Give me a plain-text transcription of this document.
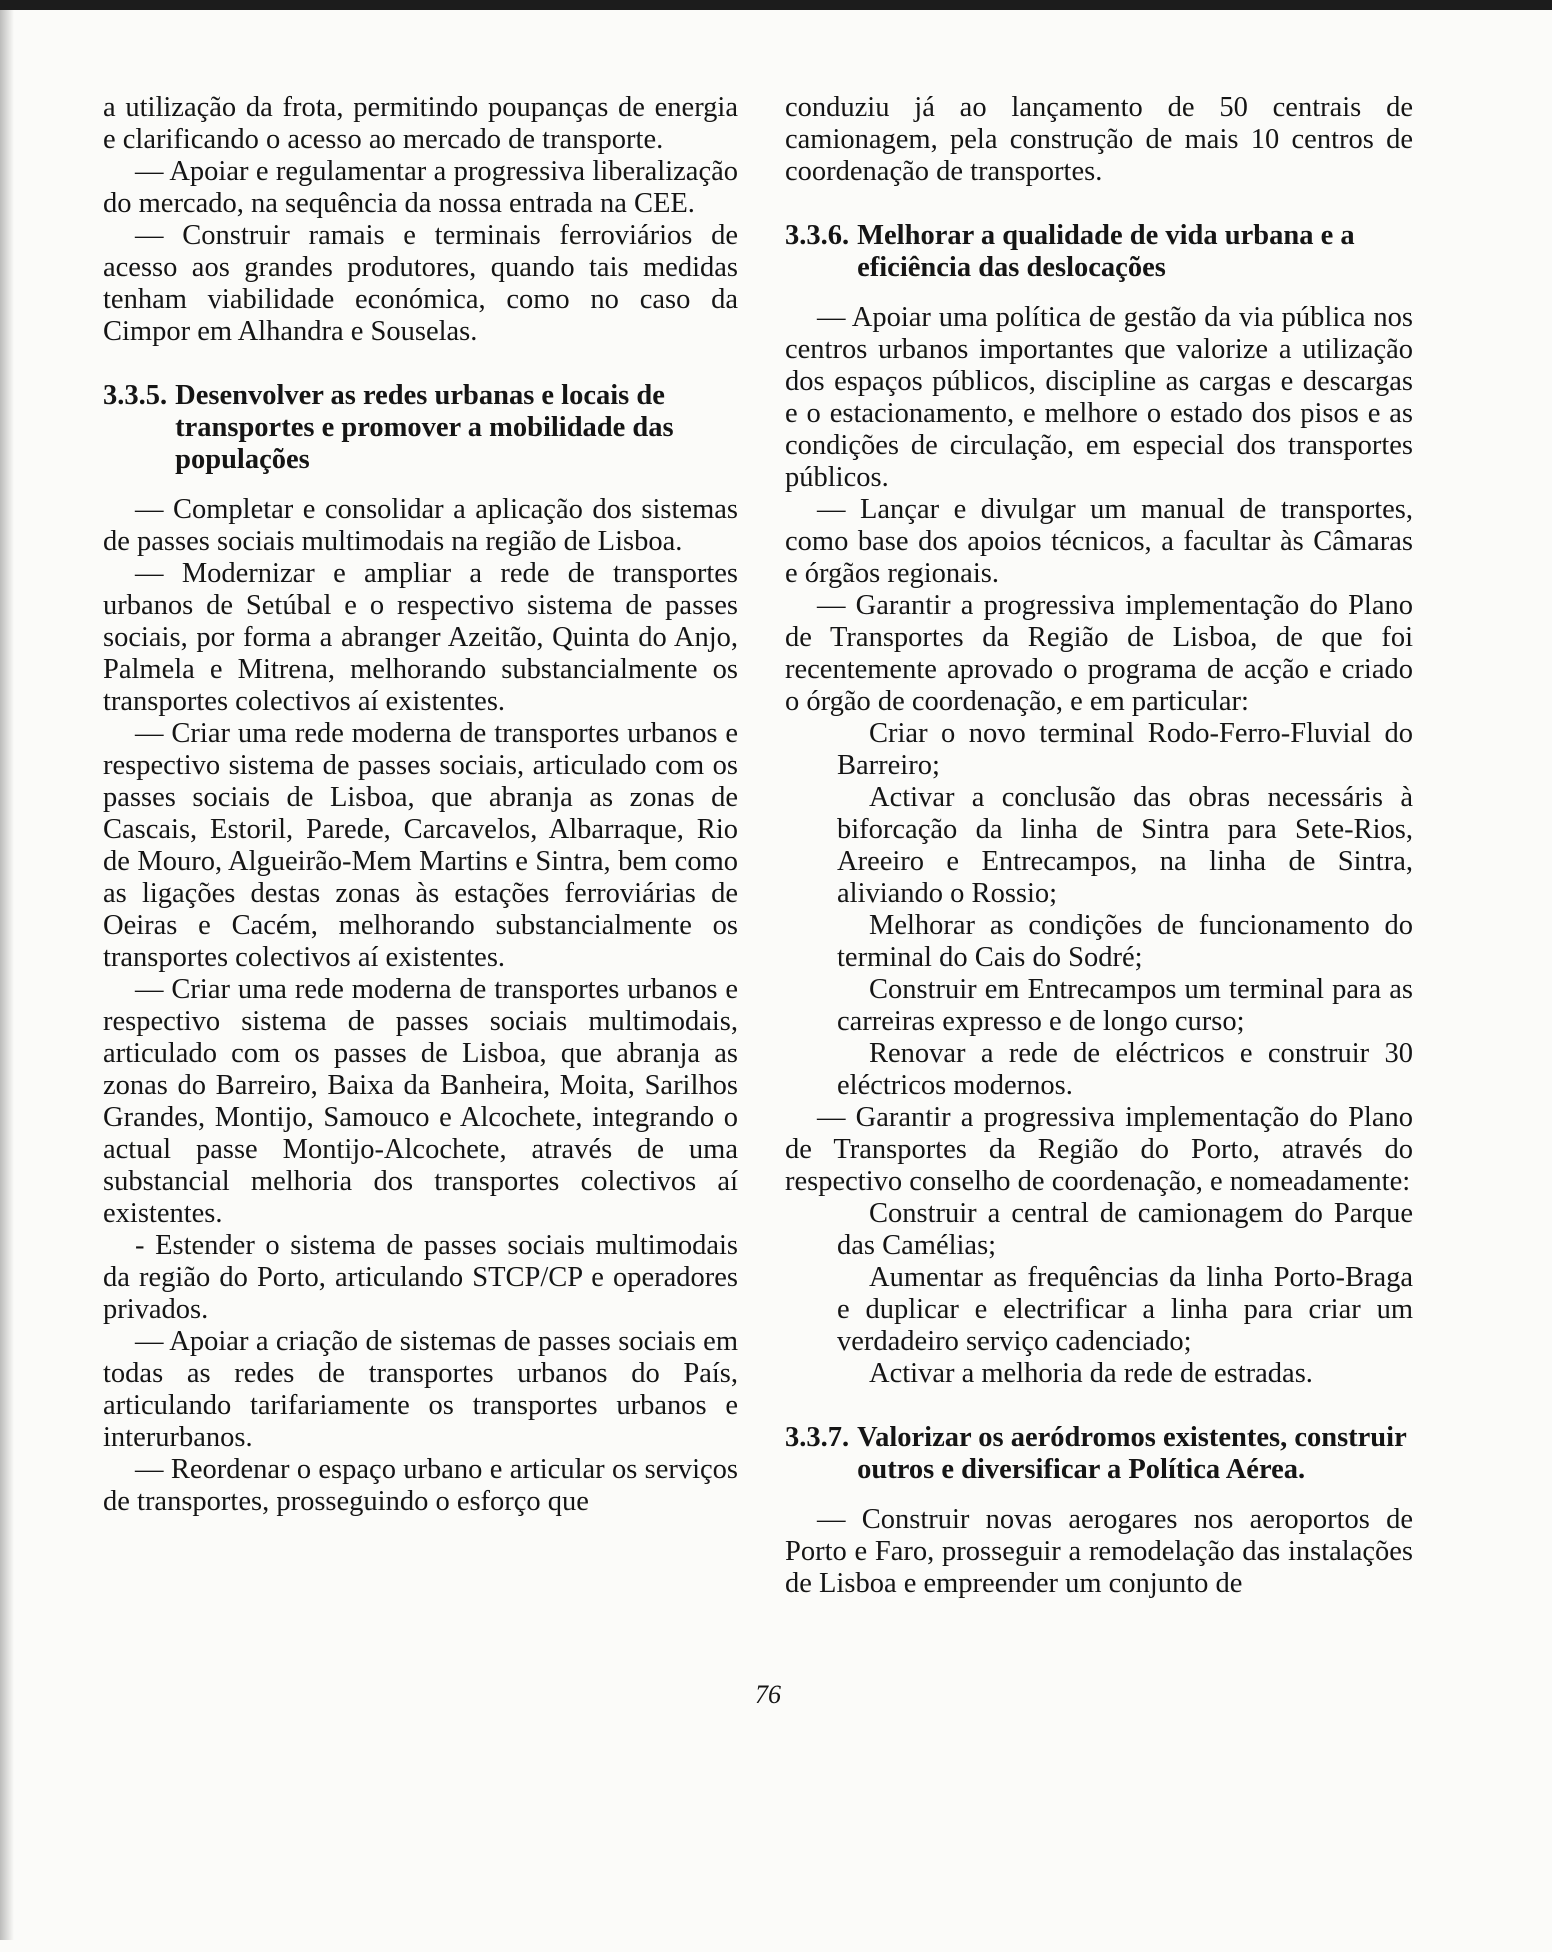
a utilização da frota, permitindo poupanças de energia e clarificando o acesso ao mercado de transporte.

— Apoiar e regulamentar a progressiva liberalização do mercado, na sequência da nossa entrada na CEE.

— Construir ramais e terminais ferroviários de acesso aos grandes produtores, quando tais medidas tenham viabilidade económica, como no caso da Cimpor em Alhandra e Souselas.

3.3.5. Desenvolver as redes urbanas e locais de transportes e promover a mobilidade das populações

— Completar e consolidar a aplicação dos sistemas de passes sociais multimodais na região de Lisboa.

— Modernizar e ampliar a rede de transportes urbanos de Setúbal e o respectivo sistema de passes sociais, por forma a abranger Azeitão, Quinta do Anjo, Palmela e Mitrena, melhorando substancialmente os transportes colectivos aí existentes.

— Criar uma rede moderna de transportes urbanos e respectivo sistema de passes sociais, articulado com os passes sociais de Lisboa, que abranja as zonas de Cascais, Estoril, Parede, Carcavelos, Albarraque, Rio de Mouro, Algueirão-Mem Martins e Sintra, bem como as ligações destas zonas às estações ferroviárias de Oeiras e Cacém, melhorando substancialmente os transportes colectivos aí existentes.

— Criar uma rede moderna de transportes urbanos e respectivo sistema de passes sociais multimodais, articulado com os passes de Lisboa, que abranja as zonas do Barreiro, Baixa da Banheira, Moita, Sarilhos Grandes, Montijo, Samouco e Alcochete, integrando o actual passe Montijo-Alcochete, através de uma substancial melhoria dos transportes colectivos aí existentes.

- Estender o sistema de passes sociais multimodais da região do Porto, articulando STCP/CP e operadores privados.

— Apoiar a criação de sistemas de passes sociais em todas as redes de transportes urbanos do País, articulando tarifariamente os transportes urbanos e interurbanos.

— Reordenar o espaço urbano e articular os serviços de transportes, prosseguindo o esforço que

conduziu já ao lançamento de 50 centrais de camionagem, pela construção de mais 10 centros de coordenação de transportes.

3.3.6. Melhorar a qualidade de vida urbana e a eficiência das deslocações

— Apoiar uma política de gestão da via pública nos centros urbanos importantes que valorize a utilização dos espaços públicos, discipline as cargas e descargas e o estacionamento, e melhore o estado dos pisos e as condições de circulação, em especial dos transportes públicos.

— Lançar e divulgar um manual de transportes, como base dos apoios técnicos, a facultar às Câmaras e órgãos regionais.

— Garantir a progressiva implementação do Plano de Transportes da Região de Lisboa, de que foi recentemente aprovado o programa de acção e criado o órgão de coordenação, e em particular:

Criar o novo terminal Rodo-Ferro-Fluvial do Barreiro;

Activar a conclusão das obras necessáris à biforcação da linha de Sintra para Sete-Rios, Areeiro e Entrecampos, na linha de Sintra, aliviando o Rossio;

Melhorar as condições de funcionamento do terminal do Cais do Sodré;

Construir em Entrecampos um terminal para as carreiras expresso e de longo curso;

Renovar a rede de eléctricos e construir 30 eléctricos modernos.

— Garantir a progressiva implementação do Plano de Transportes da Região do Porto, através do respectivo conselho de coordenação, e nomeadamente:

Construir a central de camionagem do Parque das Camélias;

Aumentar as frequências da linha Porto-Braga e duplicar e electrificar a linha para criar um verdadeiro serviço cadenciado;

Activar a melhoria da rede de estradas.

3.3.7. Valorizar os aeródromos existentes, construir outros e diversificar a Política Aérea.

— Construir novas aerogares nos aeroportos de Porto e Faro, prosseguir a remodelação das instalações de Lisboa e empreender um conjunto de

76
